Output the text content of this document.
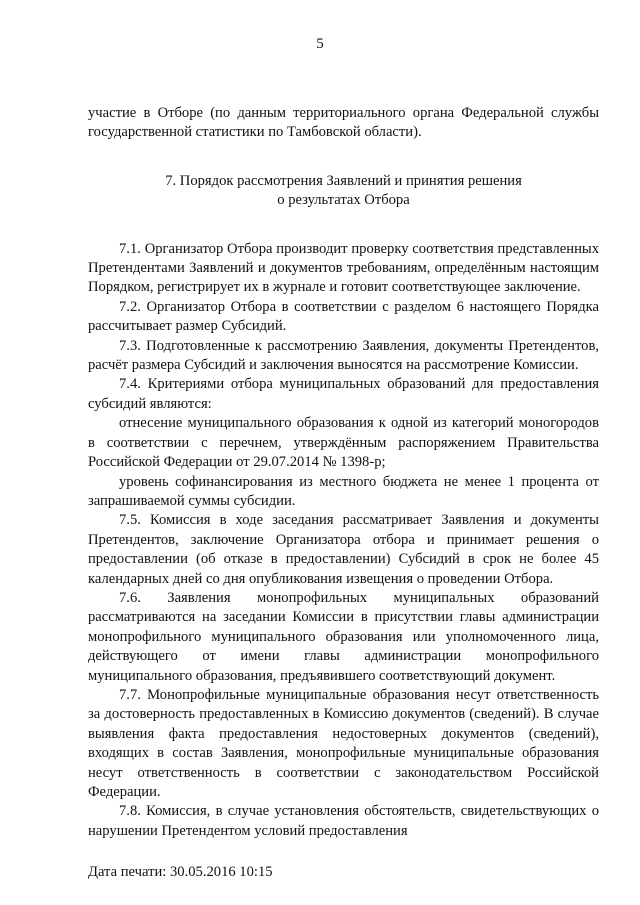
5

участие в Отборе (по данным территориального органа Федеральной службы государственной статистики по Тамбовской области).

7. Порядок рассмотрения Заявлений и принятия решения
о результатах Отбора

7.1. Организатор Отбора производит проверку соответствия представленных Претендентами Заявлений и документов требованиям, определённым настоящим Порядком, регистрирует их в журнале и готовит соответствующее заключение.

7.2. Организатор Отбора в соответствии с разделом 6 настоящего Порядка рассчитывает размер Субсидий.

7.3. Подготовленные к рассмотрению Заявления, документы Претендентов, расчёт размера Субсидий и заключения выносятся на рассмотрение Комиссии.

7.4. Критериями отбора муниципальных образований для предоставления субсидий являются:

отнесение муниципального образования к одной из категорий моногородов в соответствии с перечнем, утверждённым распоряжением Правительства Российской Федерации от 29.07.2014 № 1398-р;

уровень софинансирования из местного бюджета не менее 1 процента от запрашиваемой суммы субсидии.

7.5. Комиссия в ходе заседания рассматривает Заявления и документы Претендентов, заключение Организатора отбора и принимает решения о предоставлении (об отказе в предоставлении) Субсидий в срок не более 45 календарных дней со дня опубликования извещения о проведении Отбора.

7.6. Заявления монопрофильных муниципальных образований рассматриваются на заседании Комиссии в присутствии главы администрации монопрофильного муниципального образования или уполномоченного лица, действующего от имени главы администрации монопрофильного муниципального образования, предъявившего соответствующий документ.

7.7. Монопрофильные муниципальные образования несут ответственность за достоверность предоставленных в Комиссию документов (сведений). В случае выявления факта предоставления недостоверных документов (сведений), входящих в состав Заявления, монопрофильные муниципальные образования несут ответственность в соответствии с законодательством Российской Федерации.

7.8. Комиссия, в случае установления обстоятельств, свидетельствующих о нарушении Претендентом условий предоставления

Дата печати: 30.05.2016 10:15
